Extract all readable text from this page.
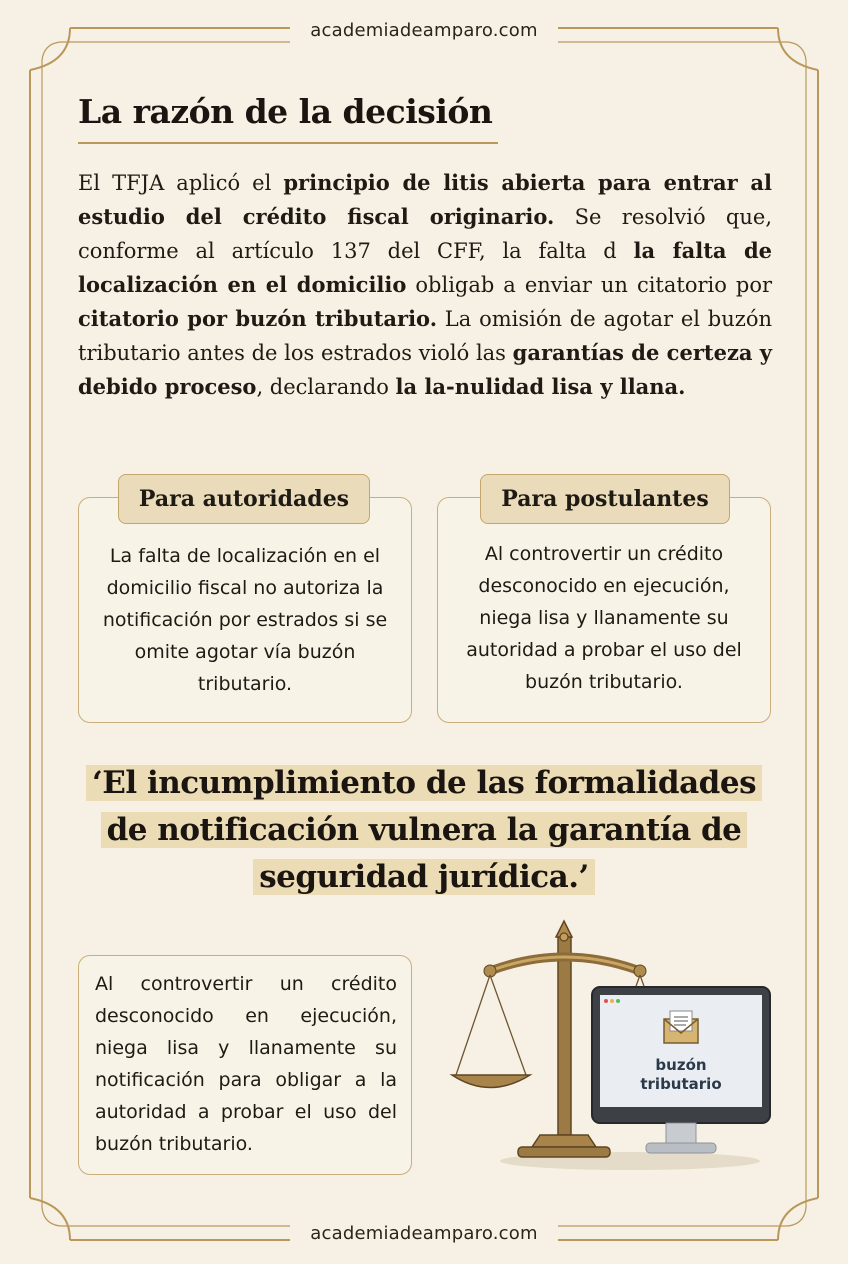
academiadeamparo.com
La razón de la decisión

El TFJA aplicó el principio de litis abierta para entrar al estudio del crédito fiscal originario. Se resolvió que, conforme al artículo 137 del CFF, la falta d la falta de localización en el domicilio obligab a enviar un citatorio por citatorio por buzón tributario. La omisión de agotar el buzón tributario antes de los estrados violó las garantías de certeza y debido proceso, declarando la la-nulidad lisa y llana.

La falta de localización en el domicilio fiscal no autoriza la notificación por estrados si se omite agotar vía buzón tributario.
Para autoridades
Al controvertir un crédito desconocido en ejecución, niega lisa y llanamente su autoridad a probar el uso del buzón tributario.
Para postulantes
‘El incumplimiento de las formalidades
de notificación vulnera la garantía de
seguridad jurídica.’
Al controvertir un crédito desconocido en ejecución, niega lisa y llanamente su notificación para obligar a la autoridad a probar el uso del buzón tributario.
buzón
tributario
academiadeamparo.com
